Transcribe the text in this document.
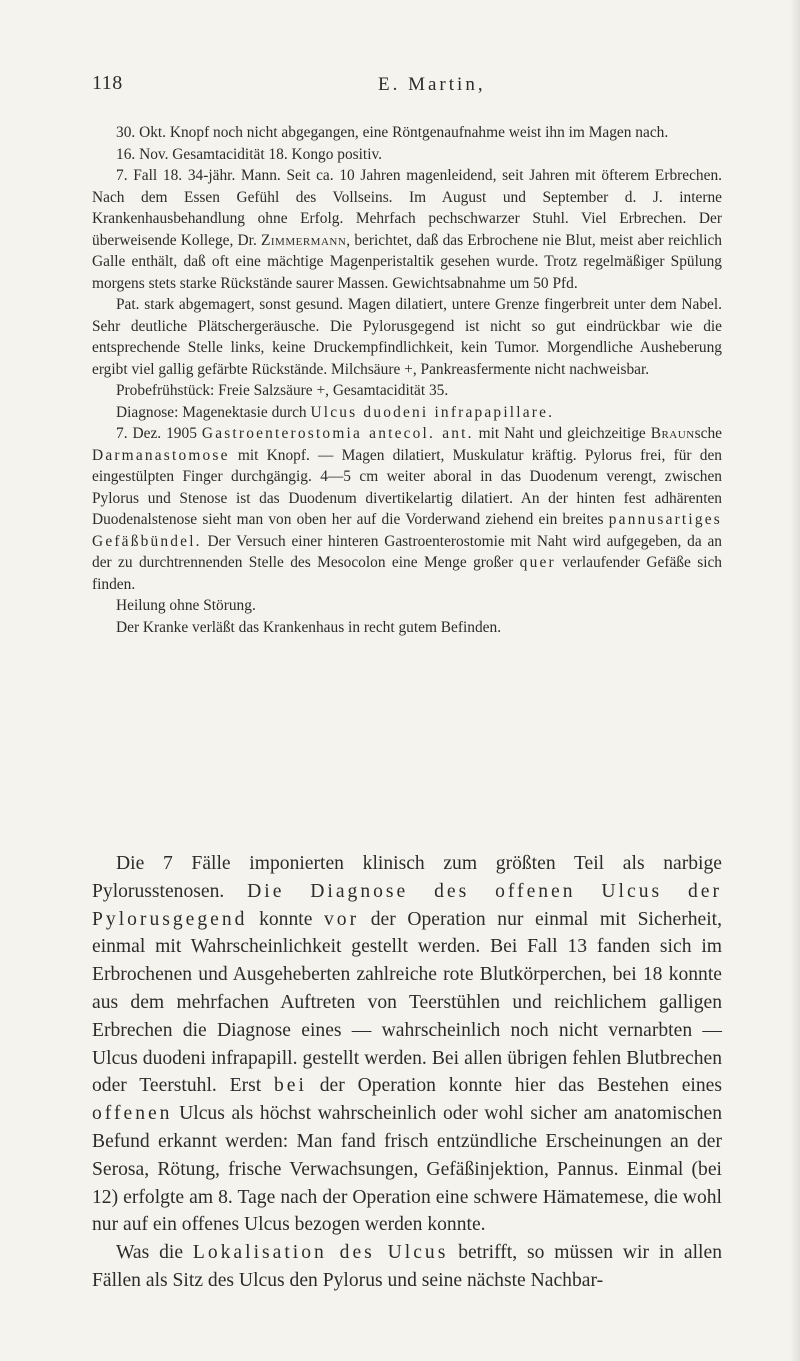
118	E. Martin,

30. Okt. Knopf noch nicht abgegangen, eine Röntgenaufnahme weist ihn im Magen nach.

16. Nov. Gesamtacidität 18. Kongo positiv.

7. Fall 18. 34-jähr. Mann. Seit ca. 10 Jahren magenleidend, seit Jahren mit öfterem Erbrechen. Nach dem Essen Gefühl des Vollseins. Im August und September d. J. interne Krankenhausbehandlung ohne Erfolg. Mehrfach pechschwarzer Stuhl. Viel Erbrechen. Der überweisende Kollege, Dr. Zimmermann, berichtet, daß das Erbrochene nie Blut, meist aber reichlich Galle enthält, daß oft eine mächtige Magenperistaltik gesehen wurde. Trotz regelmäßiger Spülung morgens stets starke Rückstände saurer Massen. Gewichtsabnahme um 50 Pfd.

Pat. stark abgemagert, sonst gesund. Magen dilatiert, untere Grenze fingerbreit unter dem Nabel. Sehr deutliche Plätschergeräusche. Die Pylorusgegend ist nicht so gut eindrückbar wie die entsprechende Stelle links, keine Druckempfindlichkeit, kein Tumor. Morgendliche Ausheberung ergibt viel gallig gefärbte Rückstände. Milchsäure +, Pankreasfermente nicht nachweisbar.

Probefrühstück: Freie Salzsäure +, Gesamtacidität 35.

Diagnose: Magenektasie durch Ulcus duodeni infrapapillare.

7. Dez. 1905 Gastroenterostomia antecol. ant. mit Naht und gleichzeitige Braunsche Darmanastomose mit Knopf. — Magen dilatiert, Muskulatur kräftig. Pylorus frei, für den eingestülpten Finger durchgängig. 4—5 cm weiter aboral in das Duodenum verengt, zwischen Pylorus und Stenose ist das Duodenum divertikelartig dilatiert. An der hinten fest adhärenten Duodenalstenose sieht man von oben her auf die Vorderwand ziehend ein breites pannusartiges Gefäßbündel. Der Versuch einer hinteren Gastroenterostomie mit Naht wird aufgegeben, da an der zu durchtrennenden Stelle des Mesocolon eine Menge großer quer verlaufender Gefäße sich finden.

Heilung ohne Störung.

Der Kranke verläßt das Krankenhaus in recht gutem Befinden.

Die 7 Fälle imponierten klinisch zum größten Teil als narbige Pylorusstenosen. Die Diagnose des offenen Ulcus der Pylorusgegend konnte vor der Operation nur einmal mit Sicherheit, einmal mit Wahrscheinlichkeit gestellt werden. Bei Fall 13 fanden sich im Erbrochenen und Ausgeheberten zahlreiche rote Blutkörperchen, bei 18 konnte aus dem mehrfachen Auftreten von Teerstühlen und reichlichem galligen Erbrechen die Diagnose eines — wahrscheinlich noch nicht vernarbten — Ulcus duodeni infrapapill. gestellt werden. Bei allen übrigen fehlen Blutbrechen oder Teerstuhl. Erst bei der Operation konnte hier das Bestehen eines offenen Ulcus als höchst wahrscheinlich oder wohl sicher am anatomischen Befund erkannt werden: Man fand frisch entzündliche Erscheinungen an der Serosa, Rötung, frische Verwachsungen, Gefäßinjektion, Pannus. Einmal (bei 12) erfolgte am 8. Tage nach der Operation eine schwere Hämatemese, die wohl nur auf ein offenes Ulcus bezogen werden konnte.

Was die Lokalisation des Ulcus betrifft, so müssen wir in allen Fällen als Sitz des Ulcus den Pylorus und seine nächste Nachbar-
